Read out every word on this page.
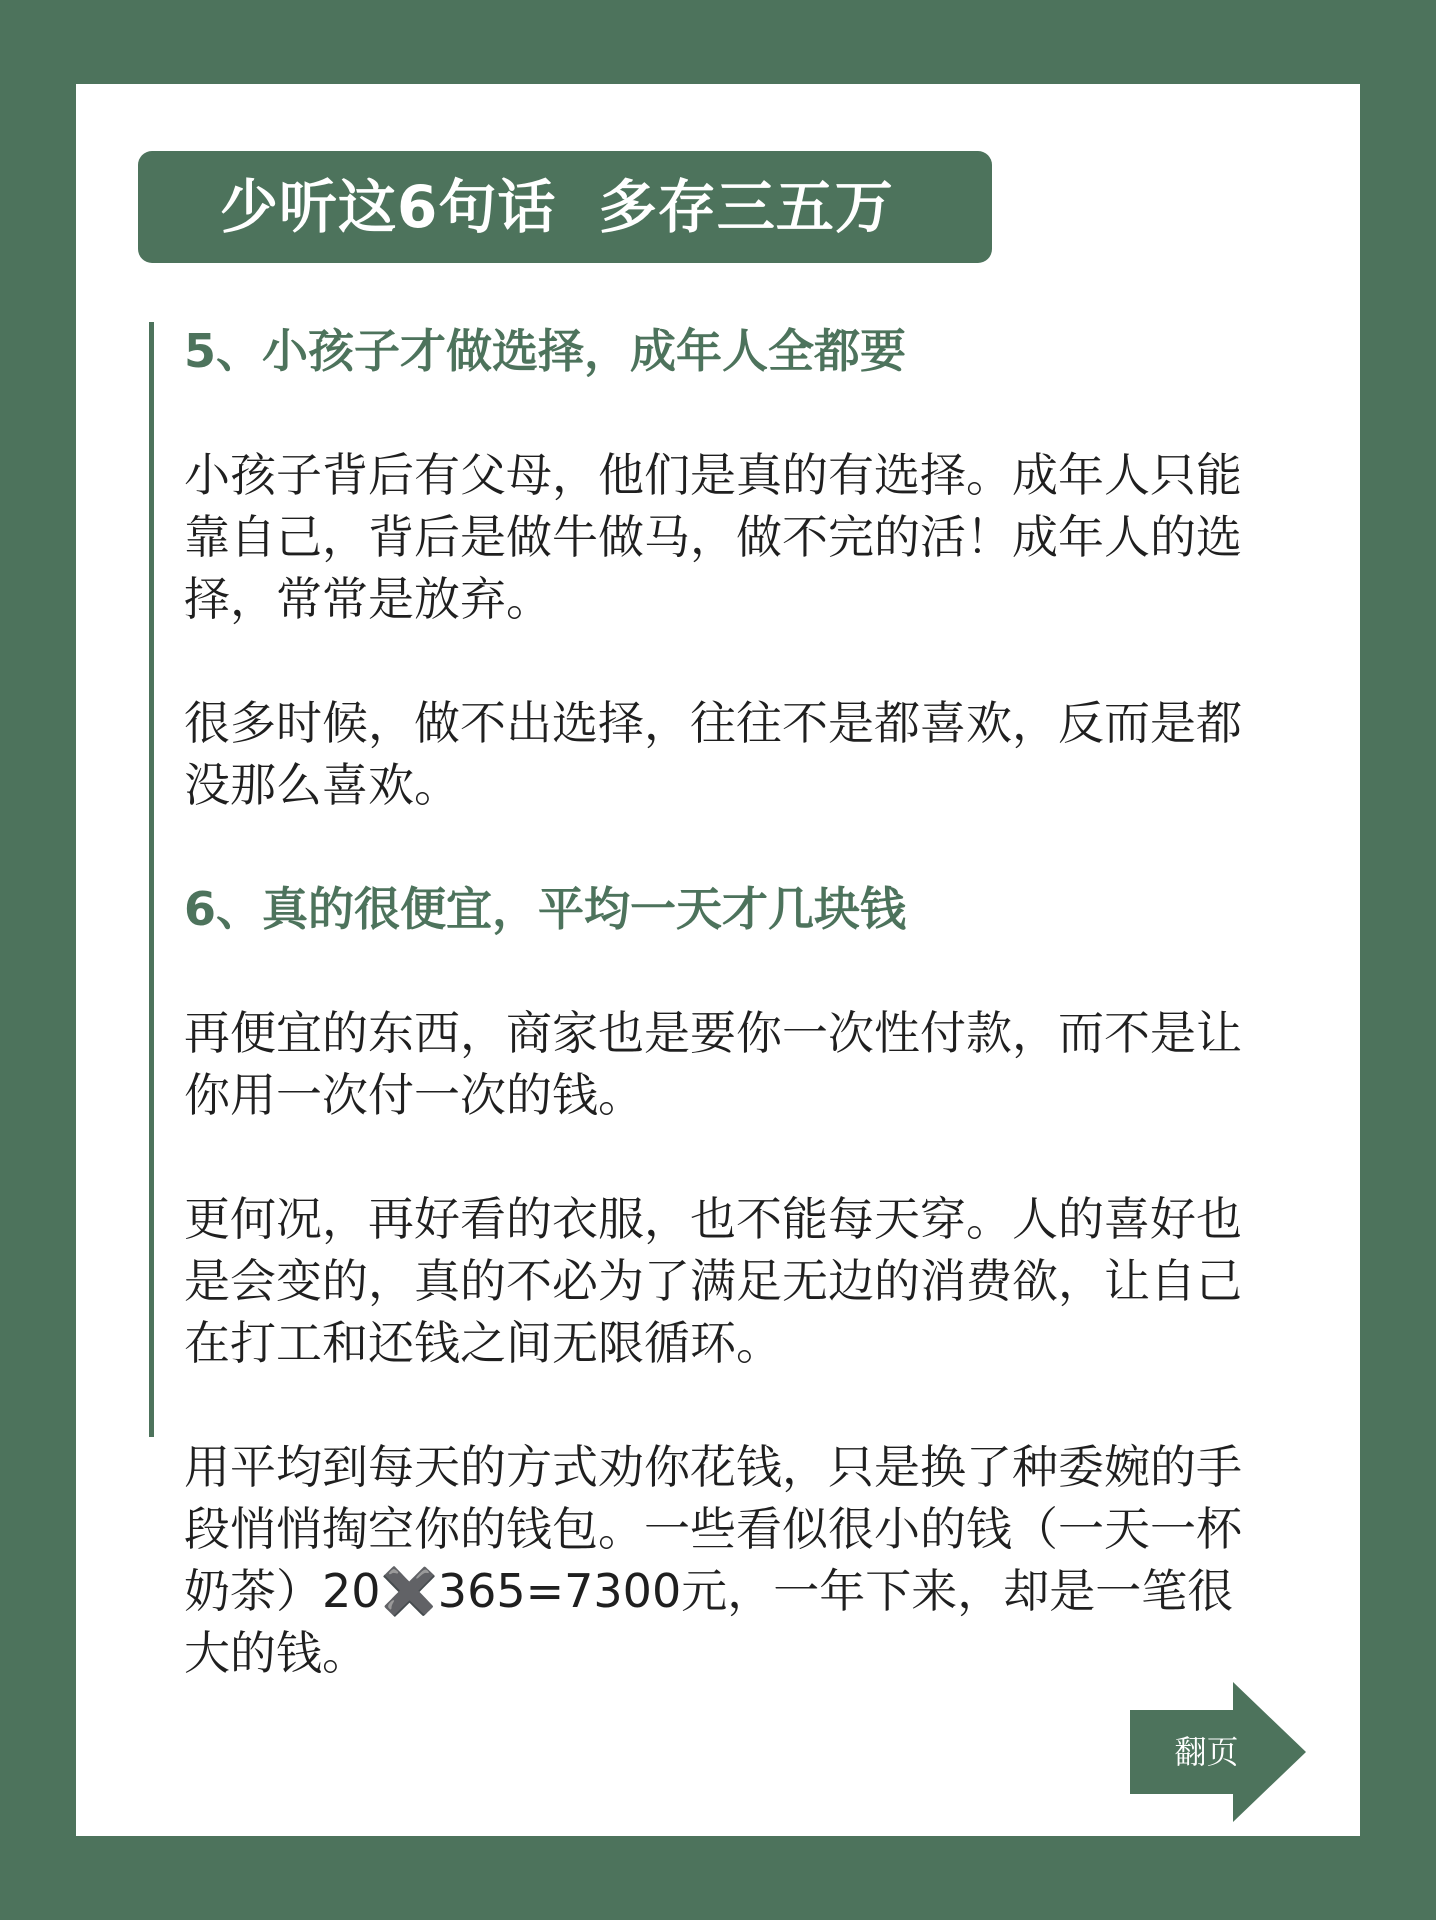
少听这6句话  多存三五万
5、小孩子才做选择，成年人全都要

小孩子背后有父母，他们是真的有选择。成年人只能靠自己，背后是做牛做马，做不完的活！成年人的选择，常常是放弃。

很多时候，做不出选择，往往不是都喜欢，反而是都没那么喜欢。

6、真的很便宜，平均一天才几块钱

再便宜的东西，商家也是要你一次性付款，而不是让你用一次付一次的钱。

更何况，再好看的衣服，也不能每天穿。人的喜好也是会变的，真的不必为了满足无边的消费欲，让自己在打工和还钱之间无限循环。

用平均到每天的方式劝你花钱，只是换了种委婉的手段悄悄掏空你的钱包。一些看似很小的钱（一天一杯奶茶）20✖️365=7300元，一年下来，却是一笔很大的钱。

翻页
